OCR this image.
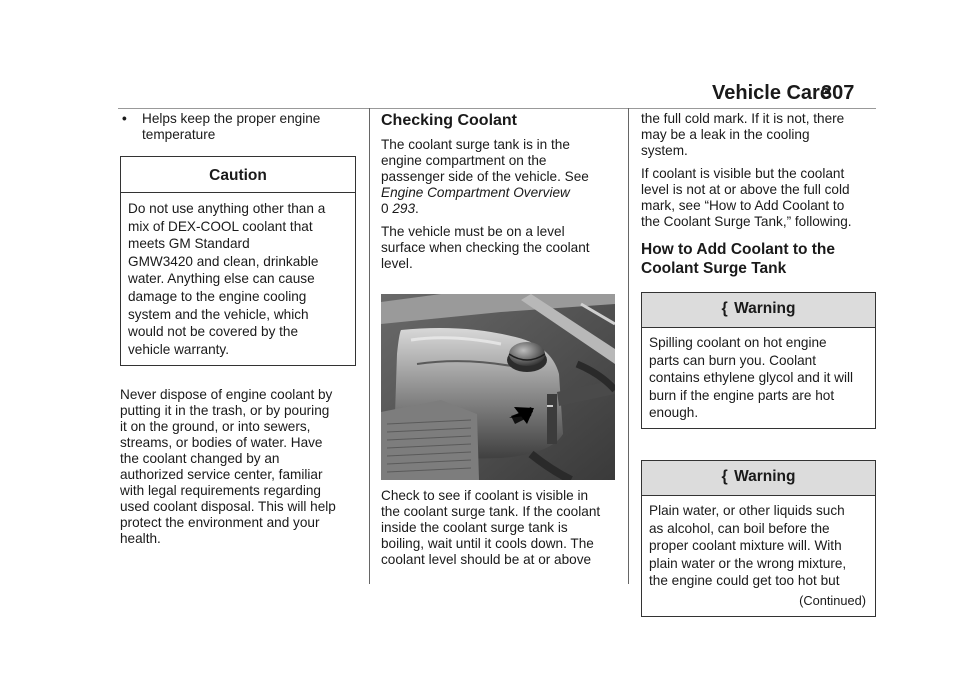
Vehicle Care
307
•	Helps keep the proper engine temperature
Caution
Do not use anything other than a
mix of DEX-COOL coolant that
meets GM Standard
GMW3420 and clean, drinkable
water. Anything else can cause
damage to the engine cooling
system and the vehicle, which
would not be covered by the
vehicle warranty.
Never dispose of engine coolant by
putting it in the trash, or by pouring
it on the ground, or into sewers,
streams, or bodies of water. Have
the coolant changed by an
authorized service center, familiar
with legal requirements regarding
used coolant disposal. This will help
protect the environment and your
health.
Checking Coolant
The coolant surge tank is in the
engine compartment on the
passenger side of the vehicle. See
Engine Compartment Overview
0 293.
The vehicle must be on a level
surface when checking the coolant
level.
Check to see if coolant is visible in
the coolant surge tank. If the coolant
inside the coolant surge tank is
boiling, wait until it cools down. The
coolant level should be at or above
the full cold mark. If it is not, there
may be a leak in the cooling
system.
If coolant is visible but the coolant
level is not at or above the full cold
mark, see “How to Add Coolant to
the Coolant Surge Tank,” following.
How to Add Coolant to the
Coolant Surge Tank
{ Warning
Spilling coolant on hot engine
parts can burn you. Coolant
contains ethylene glycol and it will
burn if the engine parts are hot
enough.
{ Warning
Plain water, or other liquids such
as alcohol, can boil before the
proper coolant mixture will. With
plain water or the wrong mixture,
the engine could get too hot but
(Continued)
